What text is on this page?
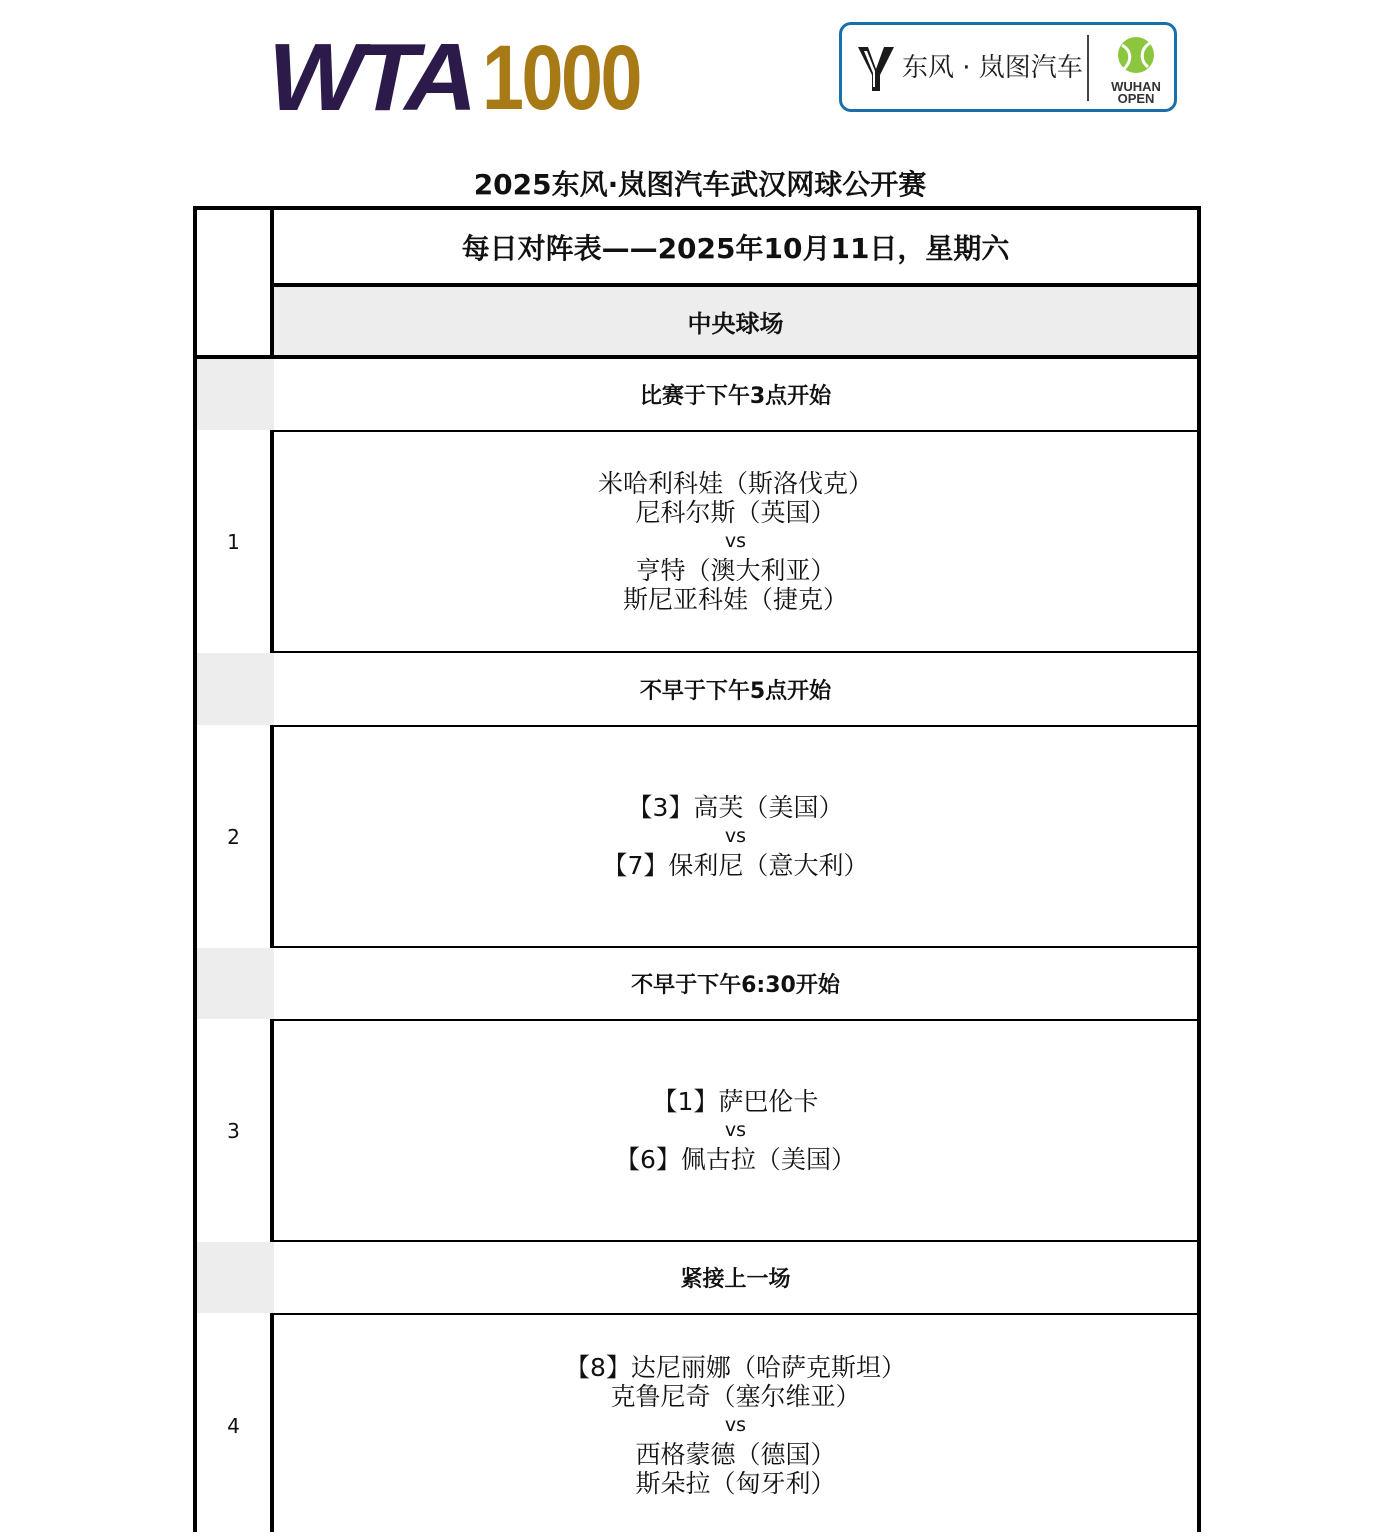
WTA 1000	东风 · 岚图汽车
WUHAN
OPEN
2025东风·岚图汽车武汉网球公开赛
每日对阵表——2025年10月11日，星期六
中央球场
比赛于下午3点开始
1
米哈利科娃（斯洛伐克）
尼科尔斯（英国）
vs
亨特（澳大利亚）
斯尼亚科娃（捷克）
不早于下午5点开始
2
【3】高芙（美国）
vs
【7】保利尼（意大利）
不早于下午6:30开始
3
【1】萨巴伦卡
vs
【6】佩古拉（美国）
紧接上一场
4
【8】达尼丽娜（哈萨克斯坦）
克鲁尼奇（塞尔维亚）
vs
西格蒙德（德国）
斯朵拉（匈牙利）
